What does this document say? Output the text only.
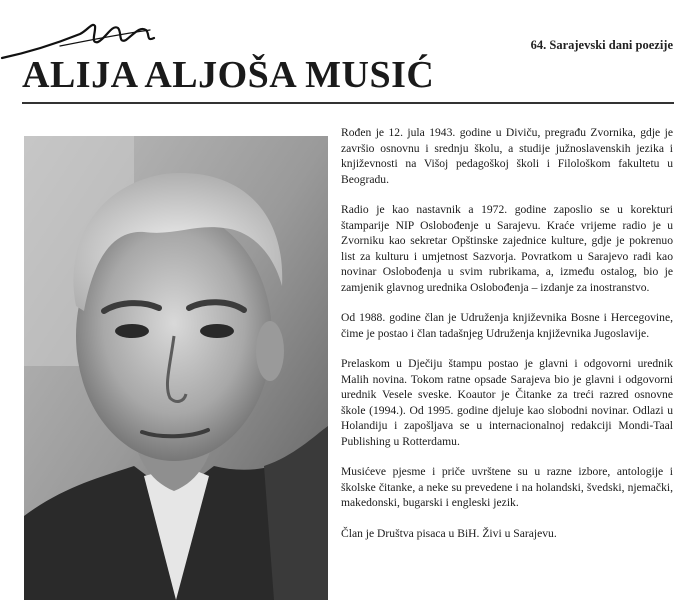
64. Sarajevski dani poezije
ALIJA ALJOŠA MUSIĆ

Rođen je 12. jula 1943. godine u Diviču, pregrađu Zvornika, gdje je završio osnovnu i srednju školu, a studije južnoslavenskih jezika i književnosti na Višoj pedagoškoj školi i Filološkom fakultetu u Beogradu.

Radio je kao nastavnik a 1972. godine zaposlio se u korekturi štamparije NIP Oslobođenje u Sarajevu. Kraće vrijeme radio je u Zvorniku kao sekretar Opštinske zajednice kulture, gdje je pokrenuo list za kulturu i umjetnost Sazvorja. Povratkom u Sarajevo radi kao novinar Oslobođenja u svim rubrikama, a, između ostalog, bio je zamjenik glavnog urednika Oslobođenja – izdanje za inostranstvo.

Od 1988. godine član je Udruženja književnika Bosne i Hercegovine, čime je postao i član tadašnjeg Udruženja književnika Jugoslavije.

Prelaskom u Dječiju štampu postao je glavni i odgovorni urednik Malih novina. Tokom ratne opsade Sarajeva bio je glavni i odgovorni urednik Vesele sveske. Koautor je Čitanke za treći razred osnovne škole (1994.). Od 1995. godine djeluje kao slobodni novinar. Odlazi u Holandiju i zapošljava se u internacionalnoj redakciji Mondi-Taal Publishing u Rotterdamu.

Musićeve pjesme i priče uvrštene su u razne izbore, antologije i školske čitanke, a neke su prevedene i na holandski, švedski, njemački, makedonski, bugarski i engleski jezik.

Član je Društva pisaca u BiH. Živi u Sarajevu.
